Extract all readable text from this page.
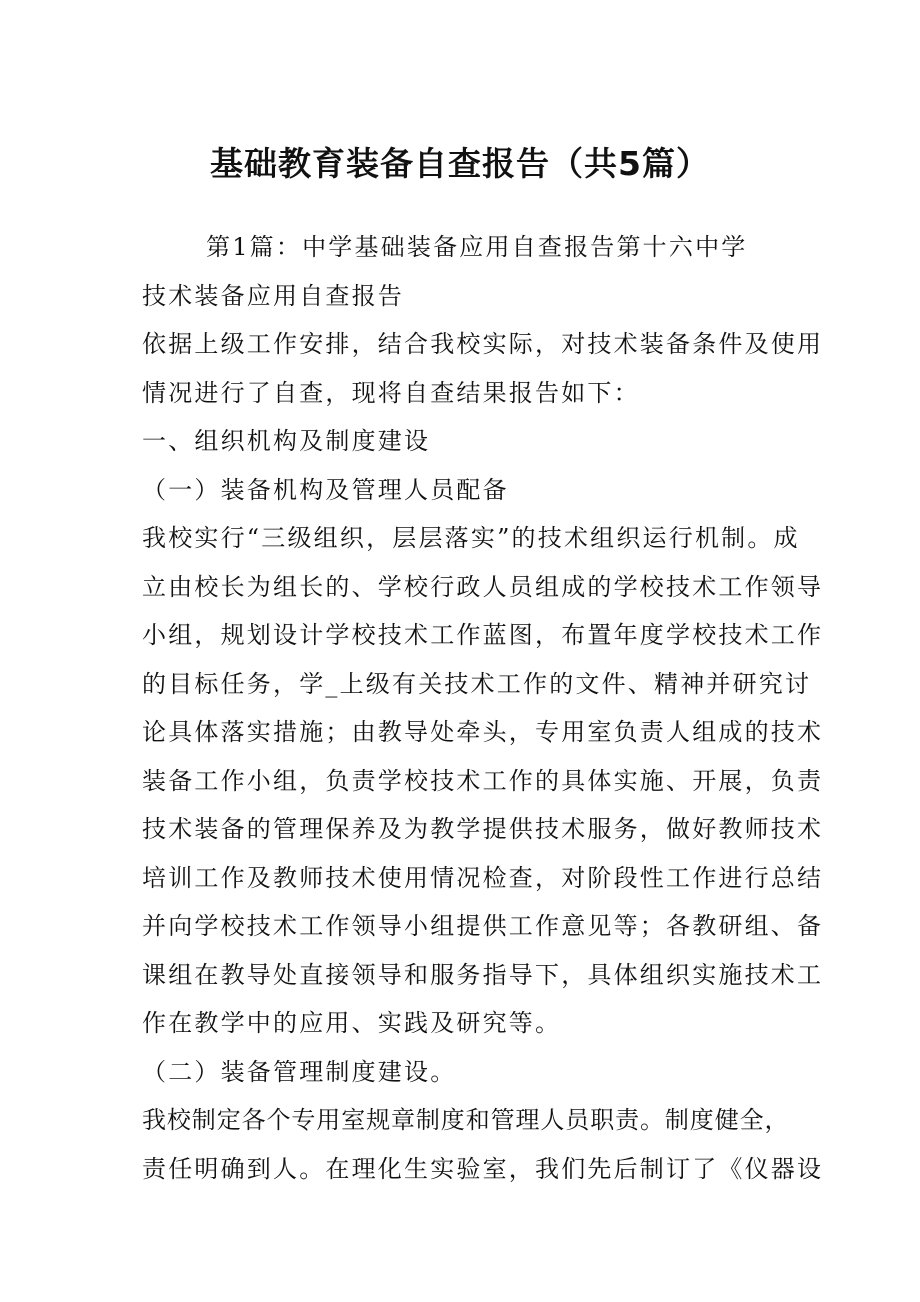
基础教育装备自查报告（共5篇）
第1篇：中学基础装备应用自查报告第十六中学
技术装备应用自查报告
依据上级工作安排，结合我校实际，对技术装备条件及使用
情况进行了自查，现将自查结果报告如下：
一、组织机构及制度建设
（一）装备机构及管理人员配备
我校实行“三级组织，层层落实”的技术组织运行机制。成
立由校长为组长的、学校行政人员组成的学校技术工作领导
小组，规划设计学校技术工作蓝图，布置年度学校技术工作
的目标任务，学_上级有关技术工作的文件、精神并研究讨
论具体落实措施；由教导处牵头，专用室负责人组成的技术
装备工作小组，负责学校技术工作的具体实施、开展，负责
技术装备的管理保养及为教学提供技术服务，做好教师技术
培训工作及教师技术使用情况检查，对阶段性工作进行总结
并向学校技术工作领导小组提供工作意见等；各教研组、备
课组在教导处直接领导和服务指导下，具体组织实施技术工
作在教学中的应用、实践及研究等。
（二）装备管理制度建设。
我校制定各个专用室规章制度和管理人员职责。制度健全，
责任明确到人。在理化生实验室，我们先后制订了《仪器设
